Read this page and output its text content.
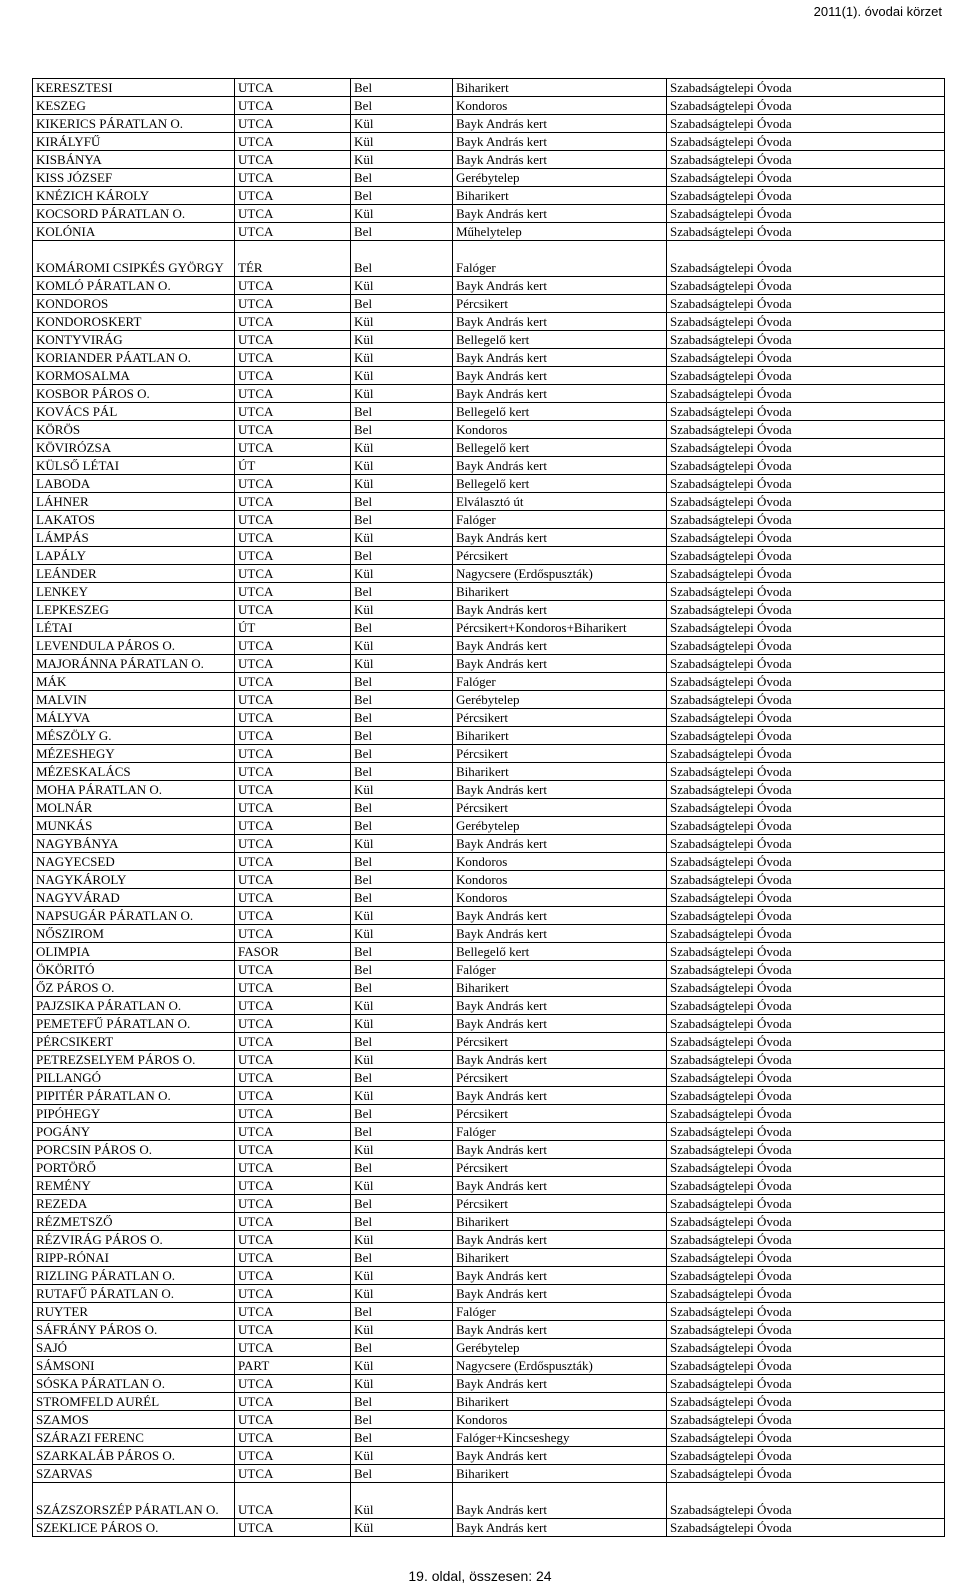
2011(1). óvodai körzet
KERESZTESI	UTCA	Bel	Biharikert	Szabadságtelepi Óvoda
KESZEG	UTCA	Bel	Kondoros	Szabadságtelepi Óvoda
KIKERICS PÁRATLAN O.	UTCA	Kül	Bayk András kert	Szabadságtelepi Óvoda
KIRÁLYFŰ	UTCA	Kül	Bayk András kert	Szabadságtelepi Óvoda
KISBÁNYA	UTCA	Kül	Bayk András kert	Szabadságtelepi Óvoda
KISS JÓZSEF	UTCA	Bel	Gerébytelep	Szabadságtelepi Óvoda
KNÉZICH KÁROLY	UTCA	Bel	Biharikert	Szabadságtelepi Óvoda
KOCSORD PÁRATLAN O.	UTCA	Kül	Bayk András kert	Szabadságtelepi Óvoda
KOLÓNIA	UTCA	Bel	Műhelytelep	Szabadságtelepi Óvoda
KOMÁROMI CSIPKÉS GYÖRGY	TÉR	Bel	Falóger	Szabadságtelepi Óvoda
KOMLÓ PÁRATLAN O.	UTCA	Kül	Bayk András kert	Szabadságtelepi Óvoda
KONDOROS	UTCA	Bel	Pércsikert	Szabadságtelepi Óvoda
KONDOROSKERT	UTCA	Kül	Bayk András kert	Szabadságtelepi Óvoda
KONTYVIRÁG	UTCA	Kül	Bellegelő kert	Szabadságtelepi Óvoda
KORIANDER PÁATLAN O.	UTCA	Kül	Bayk András kert	Szabadságtelepi Óvoda
KORMOSALMA	UTCA	Kül	Bayk András kert	Szabadságtelepi Óvoda
KOSBOR PÁROS O.	UTCA	Kül	Bayk András kert	Szabadságtelepi Óvoda
KOVÁCS PÁL	UTCA	Bel	Bellegelő kert	Szabadságtelepi Óvoda
KÖRÖS	UTCA	Bel	Kondoros	Szabadságtelepi Óvoda
KÖVIRÓZSA	UTCA	Kül	Bellegelő kert	Szabadságtelepi Óvoda
KÜLSŐ LÉTAI	ÚT	Kül	Bayk András kert	Szabadságtelepi Óvoda
LABODA	UTCA	Kül	Bellegelő kert	Szabadságtelepi Óvoda
LÁHNER	UTCA	Bel	Elválasztó út	Szabadságtelepi Óvoda
LAKATOS	UTCA	Bel	Falóger	Szabadságtelepi Óvoda
LÁMPÁS	UTCA	Kül	Bayk András kert	Szabadságtelepi Óvoda
LAPÁLY	UTCA	Bel	Pércsikert	Szabadságtelepi Óvoda
LEÁNDER	UTCA	Kül	Nagycsere (Erdőspuszták)	Szabadságtelepi Óvoda
LENKEY	UTCA	Bel	Biharikert	Szabadságtelepi Óvoda
LEPKESZEG	UTCA	Kül	Bayk András kert	Szabadságtelepi Óvoda
LÉTAI	ÚT	Bel	Pércsikert+Kondoros+Biharikert	Szabadságtelepi Óvoda
LEVENDULA PÁROS O.	UTCA	Kül	Bayk András kert	Szabadságtelepi Óvoda
MAJORÁNNA PÁRATLAN O.	UTCA	Kül	Bayk András kert	Szabadságtelepi Óvoda
MÁK	UTCA	Bel	Falóger	Szabadságtelepi Óvoda
MALVIN	UTCA	Bel	Gerébytelep	Szabadságtelepi Óvoda
MÁLYVA	UTCA	Bel	Pércsikert	Szabadságtelepi Óvoda
MÉSZÖLY G.	UTCA	Bel	Biharikert	Szabadságtelepi Óvoda
MÉZESHEGY	UTCA	Bel	Pércsikert	Szabadságtelepi Óvoda
MÉZESKALÁCS	UTCA	Bel	Biharikert	Szabadságtelepi Óvoda
MOHA PÁRATLAN O.	UTCA	Kül	Bayk András kert	Szabadságtelepi Óvoda
MOLNÁR	UTCA	Bel	Pércsikert	Szabadságtelepi Óvoda
MUNKÁS	UTCA	Bel	Gerébytelep	Szabadságtelepi Óvoda
NAGYBÁNYA	UTCA	Kül	Bayk András kert	Szabadságtelepi Óvoda
NAGYECSED	UTCA	Bel	Kondoros	Szabadságtelepi Óvoda
NAGYKÁROLY	UTCA	Bel	Kondoros	Szabadságtelepi Óvoda
NAGYVÁRAD	UTCA	Bel	Kondoros	Szabadságtelepi Óvoda
NAPSUGÁR PÁRATLAN O.	UTCA	Kül	Bayk András kert	Szabadságtelepi Óvoda
NŐSZIROM	UTCA	Kül	Bayk András kert	Szabadságtelepi Óvoda
OLIMPIA	FASOR	Bel	Bellegelő kert	Szabadságtelepi Óvoda
ÖKÖRITÓ	UTCA	Bel	Falóger	Szabadságtelepi Óvoda
ŐZ PÁROS O.	UTCA	Bel	Biharikert	Szabadságtelepi Óvoda
PAJZSIKA PÁRATLAN O.	UTCA	Kül	Bayk András kert	Szabadságtelepi Óvoda
PEMETEFŰ PÁRATLAN O.	UTCA	Kül	Bayk András kert	Szabadságtelepi Óvoda
PÉRCSIKERT	UTCA	Bel	Pércsikert	Szabadságtelepi Óvoda
PETREZSELYEM PÁROS O.	UTCA	Kül	Bayk András kert	Szabadságtelepi Óvoda
PILLANGÓ	UTCA	Bel	Pércsikert	Szabadságtelepi Óvoda
PIPITÉR PÁRATLAN O.	UTCA	Kül	Bayk András kert	Szabadságtelepi Óvoda
PIPÓHEGY	UTCA	Bel	Pércsikert	Szabadságtelepi Óvoda
POGÁNY	UTCA	Bel	Falóger	Szabadságtelepi Óvoda
PORCSIN PÁROS O.	UTCA	Kül	Bayk András kert	Szabadságtelepi Óvoda
PORTÖRŐ	UTCA	Bel	Pércsikert	Szabadságtelepi Óvoda
REMÉNY	UTCA	Kül	Bayk András kert	Szabadságtelepi Óvoda
REZEDA	UTCA	Bel	Pércsikert	Szabadságtelepi Óvoda
RÉZMETSZŐ	UTCA	Bel	Biharikert	Szabadságtelepi Óvoda
RÉZVIRÁG PÁROS O.	UTCA	Kül	Bayk András kert	Szabadságtelepi Óvoda
RIPP-RÓNAI	UTCA	Bel	Biharikert	Szabadságtelepi Óvoda
RIZLING PÁRATLAN O.	UTCA	Kül	Bayk András kert	Szabadságtelepi Óvoda
RUTAFŰ PÁRATLAN O.	UTCA	Kül	Bayk András kert	Szabadságtelepi Óvoda
RUYTER	UTCA	Bel	Falóger	Szabadságtelepi Óvoda
SÁFRÁNY PÁROS O.	UTCA	Kül	Bayk András kert	Szabadságtelepi Óvoda
SAJÓ	UTCA	Bel	Gerébytelep	Szabadságtelepi Óvoda
SÁMSONI	PART	Kül	Nagycsere (Erdőspuszták)	Szabadságtelepi Óvoda
SÓSKA PÁRATLAN O.	UTCA	Kül	Bayk András kert	Szabadságtelepi Óvoda
STROMFELD AURÉL	UTCA	Bel	Biharikert	Szabadságtelepi Óvoda
SZAMOS	UTCA	Bel	Kondoros	Szabadságtelepi Óvoda
SZÁRAZI FERENC	UTCA	Bel	Falóger+Kincseshegy	Szabadságtelepi Óvoda
SZARKALÁB PÁROS O.	UTCA	Kül	Bayk András kert	Szabadságtelepi Óvoda
SZARVAS	UTCA	Bel	Biharikert	Szabadságtelepi Óvoda
SZÁZSZORSZÉP PÁRATLAN O.	UTCA	Kül	Bayk András kert	Szabadságtelepi Óvoda
SZEKLICE PÁROS O.	UTCA	Kül	Bayk András kert	Szabadságtelepi Óvoda
19. oldal, összesen: 24
